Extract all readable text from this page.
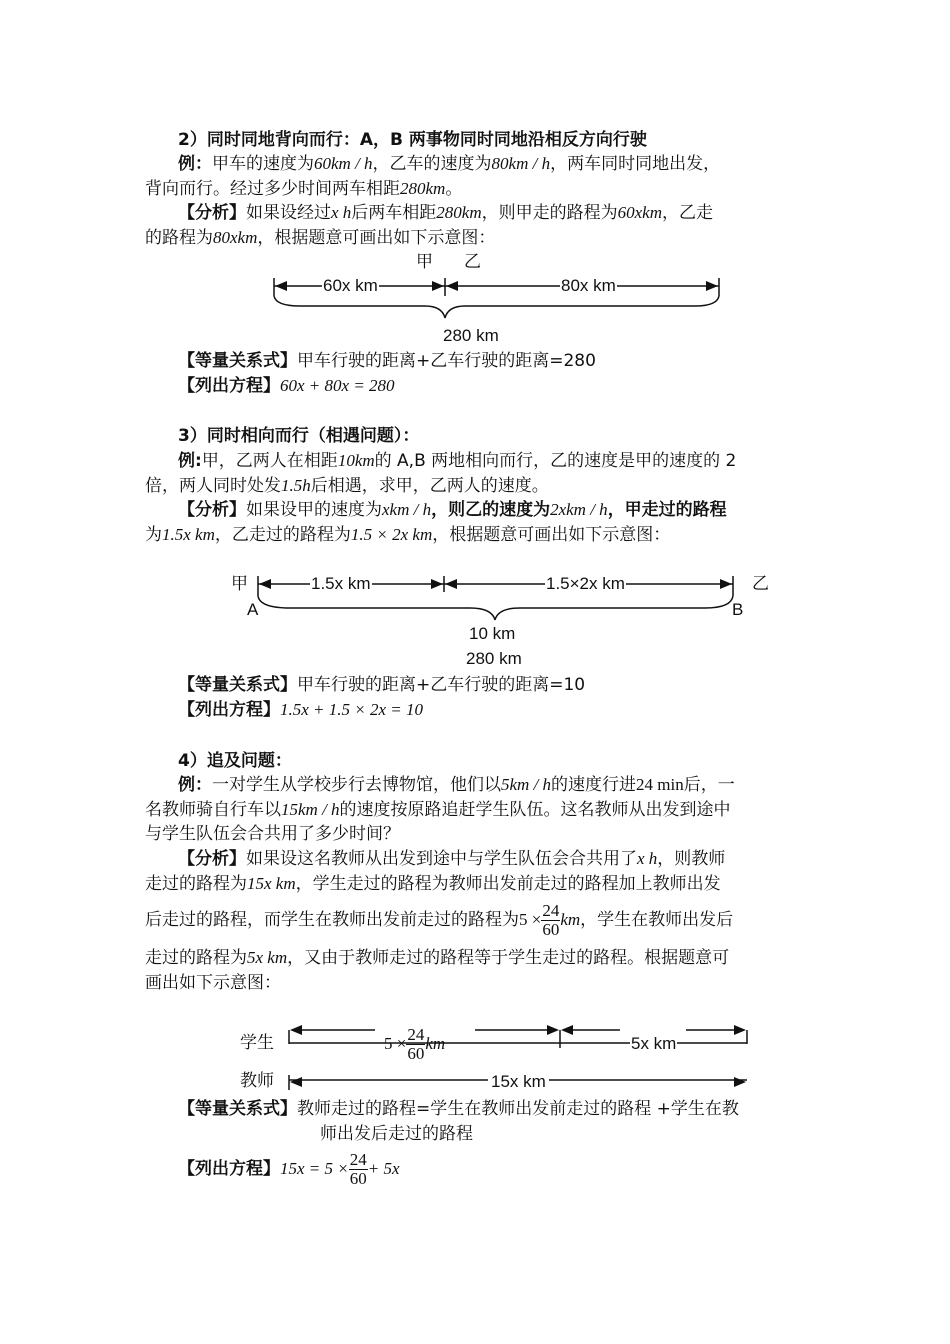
2）同时同地背向而行：A，B 两事物同时同地沿相反方向行驶
例：甲车的速度为60km / h，乙车的速度为80km / h，两车同时同地出发，
背向而行。经过多少时间两车相距280km。
【分析】如果设经过x h后两车相距280km，则甲走的路程为60xkm，乙走
的路程为80xkm，根据题意可画出如下示意图：
甲 乙
60x km	80x km
280 km
【等量关系式】甲车行驶的距离+乙车行驶的距离=280
【列出方程】60x + 80x = 280
3）同时相向而行（相遇问题）：
例:甲，乙两人在相距10km的 A,B 两地相向而行，乙的速度是甲的速度的 2
倍，两人同时处发1.5h后相遇，求甲，乙两人的速度。
【分析】如果设甲的速度为xkm / h，则乙的速度为2xkm / h，甲走过的路程
为1.5x km，乙走过的路程为1.5 × 2x km，根据题意可画出如下示意图：
甲	乙
A	B
1.5x km	1.5×2x km
10 km
280 km
【等量关系式】甲车行驶的距离+乙车行驶的距离=10
【列出方程】1.5x + 1.5 × 2x = 10
4）追及问题：
例：一对学生从学校步行去博物馆，他们以5km / h的速度行进24 min后，一
名教师骑自行车以15km / h的速度按原路追赶学生队伍。这名教师从出发到途中
与学生队伍会合共用了多少时间？
【分析】如果设这名教师从出发到途中与学生队伍会合共用了x h，则教师
走过的路程为15x km，学生走过的路程为教师出发前走过的路程加上教师出发
后走过的路程，而学生在教师出发前走过的路程为$5 \times \frac{24}{60}$ km，学生在教师出发后
走过的路程为5x km，又由于教师走过的路程等于学生走过的路程。根据题意可
画出如下示意图：
学生
教师
$5 \times \frac{24}{60}$ km	5x km
15x km
【等量关系式】教师走过的路程=学生在教师出发前走过的路程 +学生在教
师出发后走过的路程
【列出方程】$15x = 5 \times \frac{24}{60} + 5x$
